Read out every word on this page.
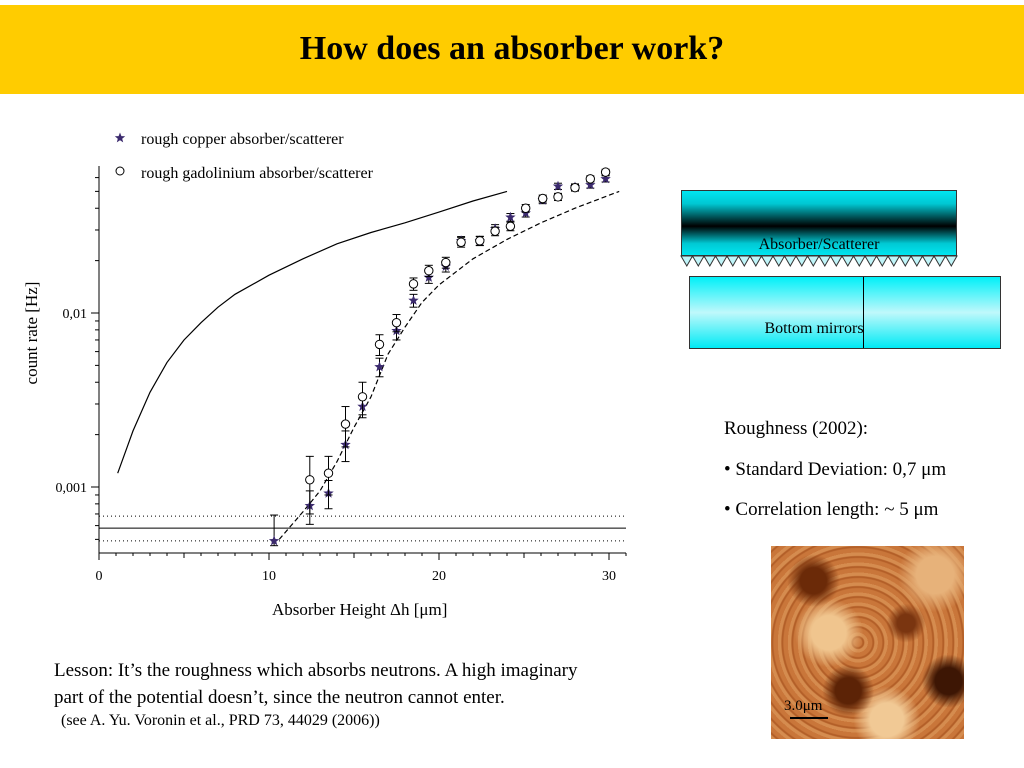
How does an absorber work?
0	10	20	30
0,001
0,01
rough copper absorber/scatterer
rough gadolinium absorber/scatterer
count rate [Hz]
Absorber Height Δh [μm]
Absorber/Scatterer
Bottom mirrors
Roughness (2002):
• Standard Deviation: 0,7 μm
• Correlation length: ~ 5 μm
3.0μm
Lesson: It’s the roughness which absorbs neutrons. A high imaginary
part of the potential doesn’t, since the neutron cannot enter.
(see A. Yu. Voronin et al., PRD 73, 44029 (2006))
